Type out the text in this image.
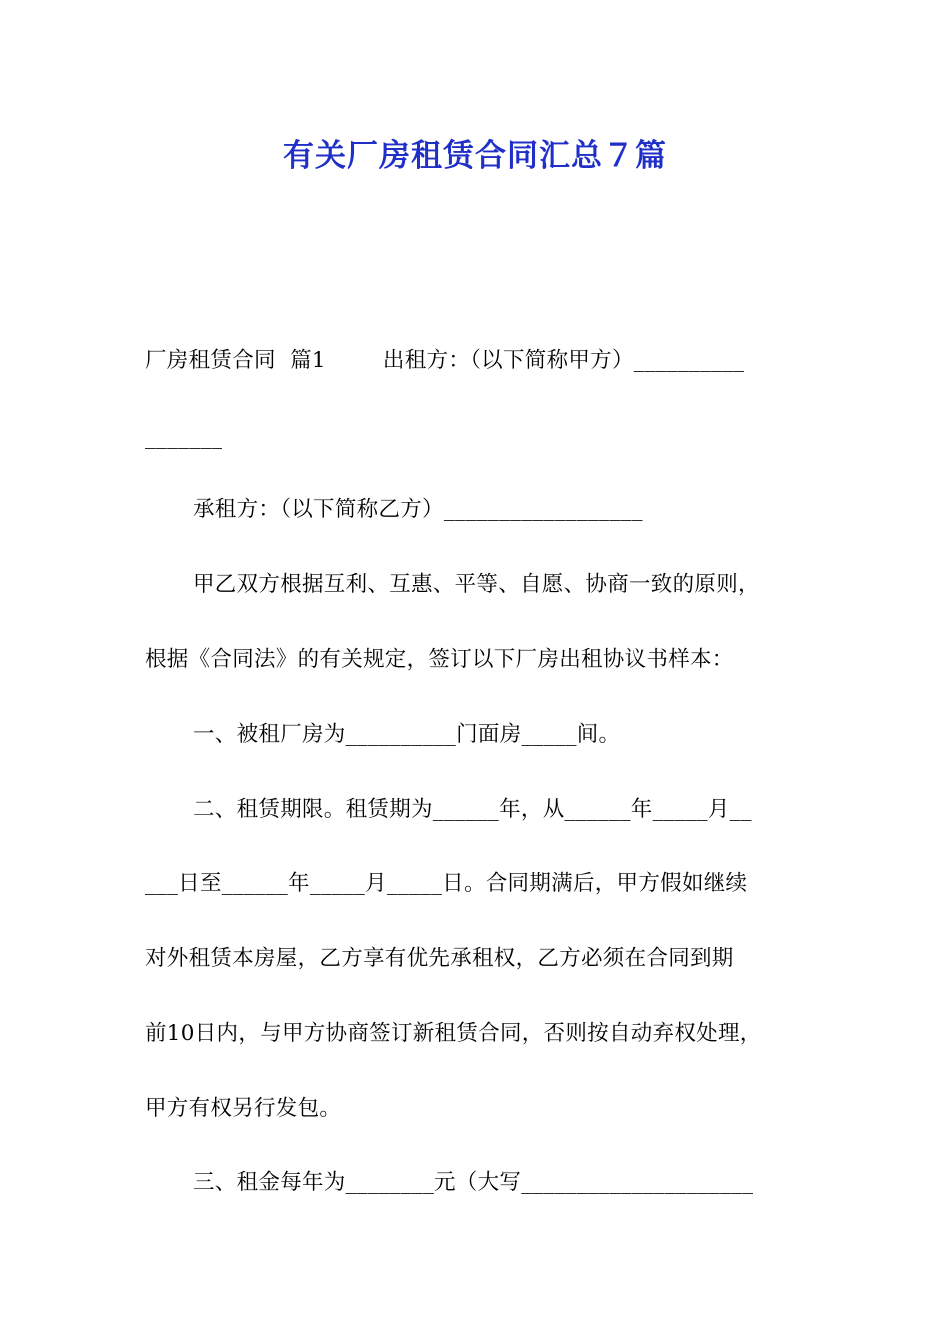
有关厂房租赁合同汇总７篇
厂房租赁合同  篇1        出租方：（以下简称甲方）__________
_______
承租方：（以下简称乙方）__________________
甲乙双方根据互利、互惠、平等、自愿、协商一致的原则，
根据《合同法》的有关规定，签订以下厂房出租协议书样本：
一、被租厂房为__________门面房_____间。
二、租赁期限。租赁期为______年，从______年_____月__
___日至______年_____月_____日。合同期满后，甲方假如继续
对外租赁本房屋，乙方享有优先承租权，乙方必须在合同到期
前10日内，与甲方协商签订新租赁合同，否则按自动弃权处理，
甲方有权另行发包。
三、租金每年为________元（大写_____________________
